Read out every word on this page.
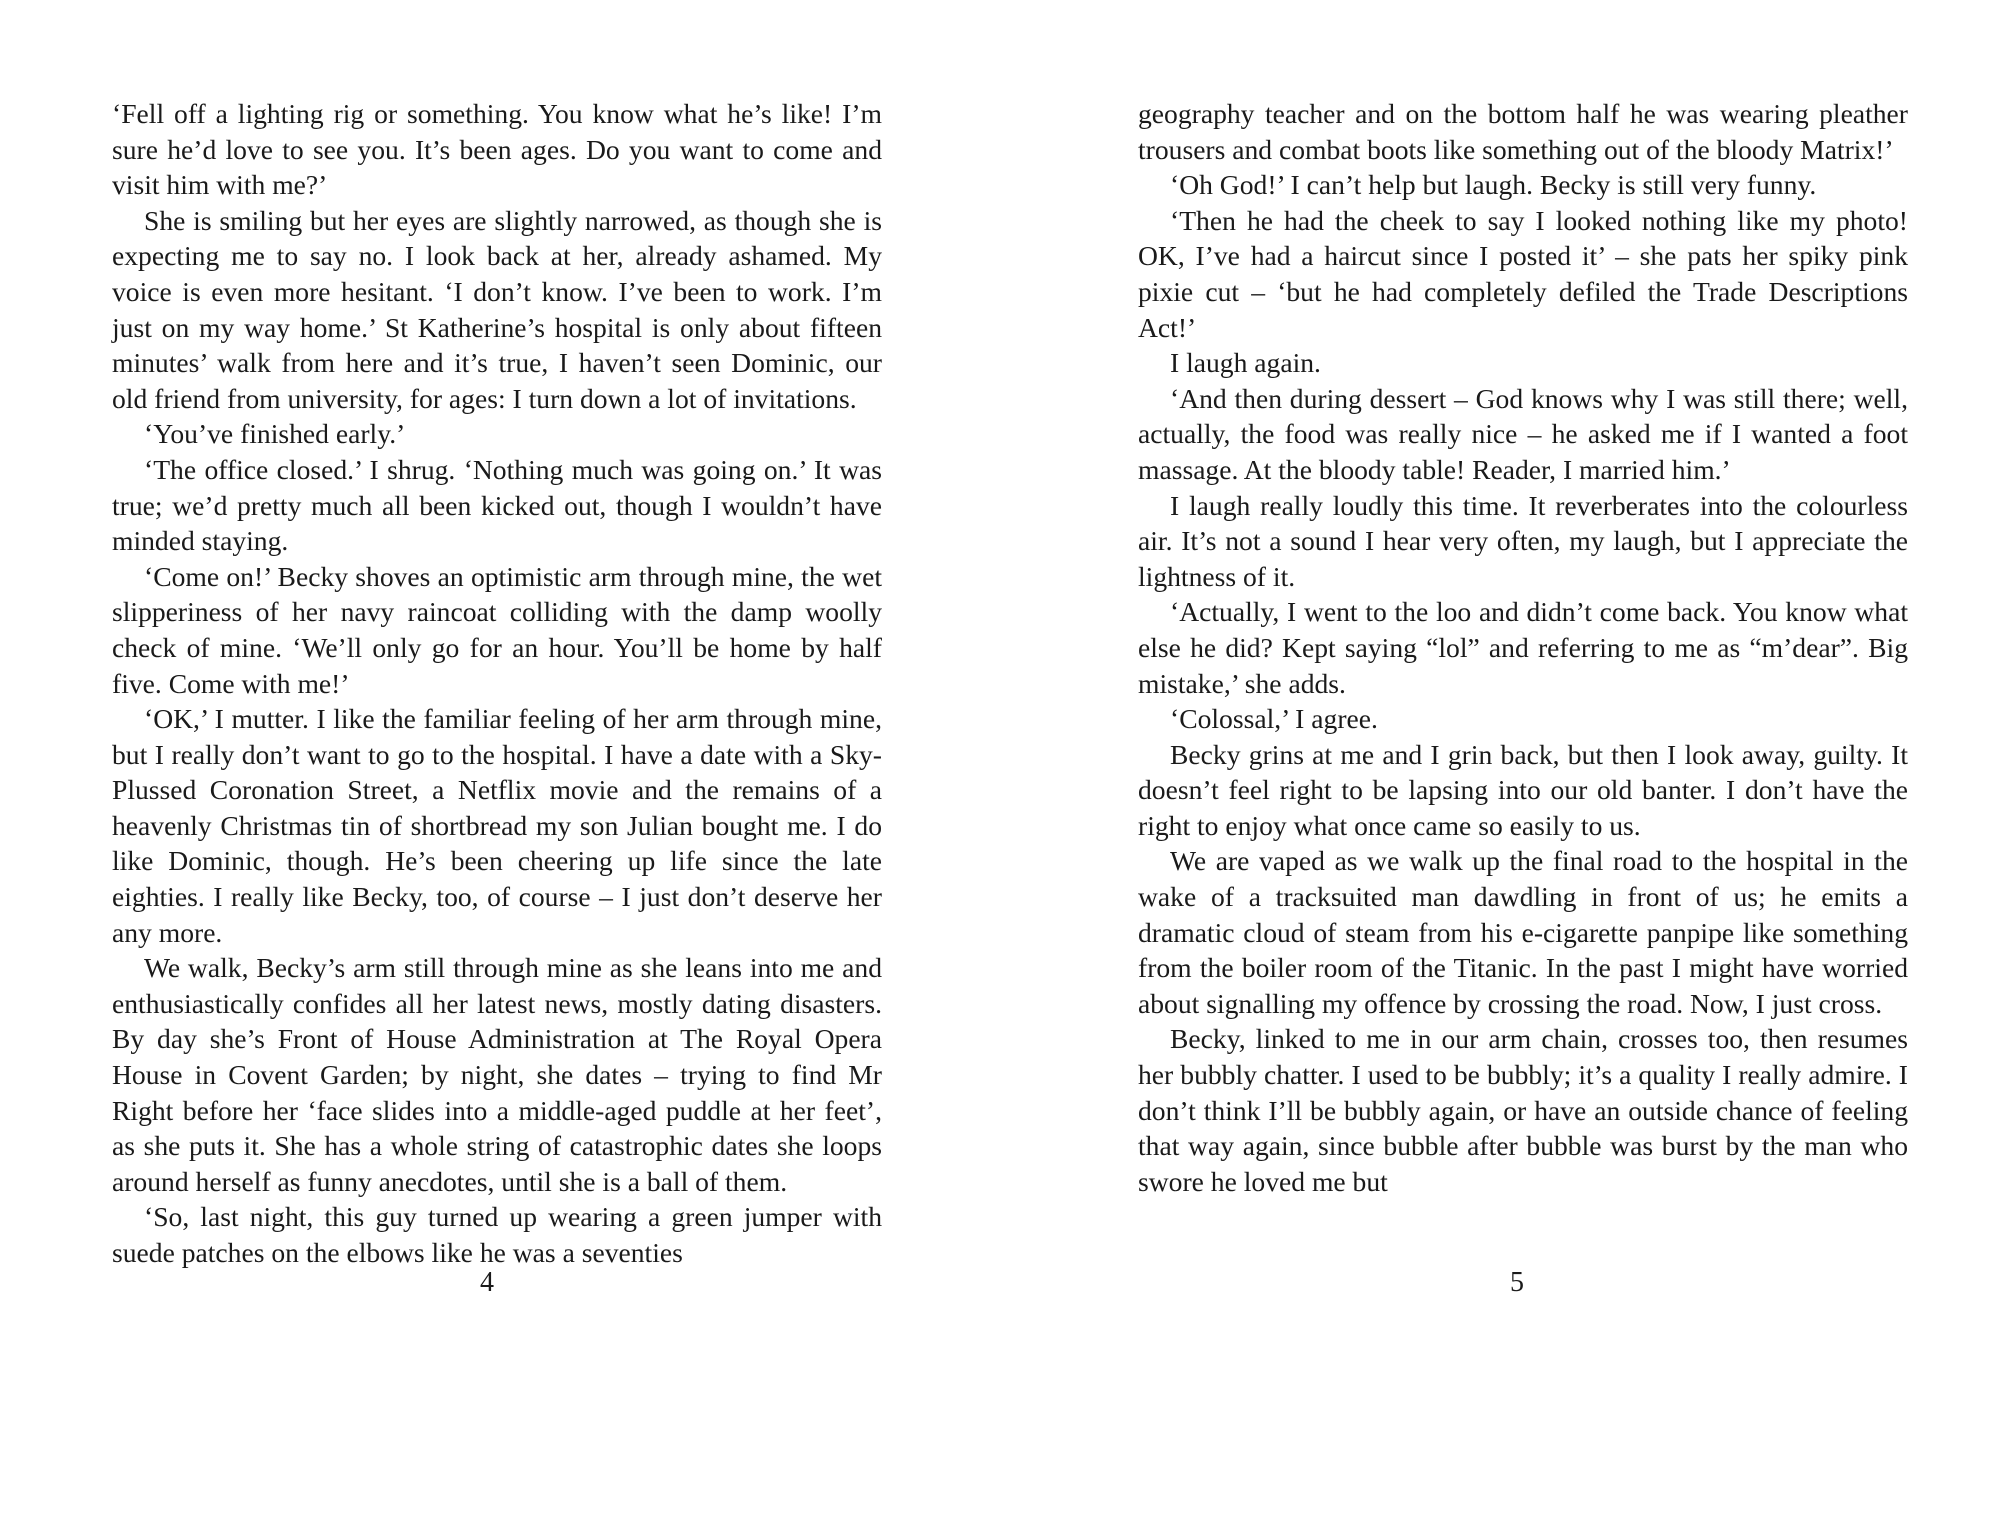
‘Fell off a lighting rig or something. You know what he’s like! I’m sure he’d love to see you. It’s been ages. Do you want to come and visit him with me?’

She is smiling but her eyes are slightly narrowed, as though she is expecting me to say no. I look back at her, already ashamed. My voice is even more hesitant. ‘I don’t know. I’ve been to work. I’m just on my way home.’ St Katherine’s hospital is only about fifteen minutes’ walk from here and it’s true, I haven’t seen Dominic, our old friend from university, for ages: I turn down a lot of invitations.

‘You’ve finished early.’

‘The office closed.’ I shrug. ‘Nothing much was going on.’ It was true; we’d pretty much all been kicked out, though I wouldn’t have minded staying.

‘Come on!’ Becky shoves an optimistic arm through mine, the wet slipperiness of her navy raincoat colliding with the damp woolly check of mine. ‘We’ll only go for an hour. You’ll be home by half five. Come with me!’

‘OK,’ I mutter. I like the familiar feeling of her arm through mine, but I really don’t want to go to the hospital. I have a date with a Sky-Plussed Coronation Street, a Netflix movie and the remains of a heavenly Christmas tin of shortbread my son Julian bought me. I do like Dominic, though. He’s been cheering up life since the late eighties. I really like Becky, too, of course – I just don’t deserve her any more.

We walk, Becky’s arm still through mine as she leans into me and enthusiastically confides all her latest news, mostly dating disasters. By day she’s Front of House Administration at The Royal Opera House in Covent Garden; by night, she dates – trying to find Mr Right before her ‘face slides into a middle-aged puddle at her feet’, as she puts it. She has a whole string of catastrophic dates she loops around herself as funny anecdotes, until she is a ball of them.

‘So, last night, this guy turned up wearing a green jumper with suede patches on the elbows like he was a seventies

4

geography teacher and on the bottom half he was wearing pleather trousers and combat boots like something out of the bloody Matrix!’

‘Oh God!’ I can’t help but laugh. Becky is still very funny.

‘Then he had the cheek to say I looked nothing like my photo! OK, I’ve had a haircut since I posted it’ – she pats her spiky pink pixie cut – ‘but he had completely defiled the Trade Descriptions Act!’

I laugh again.

‘And then during dessert – God knows why I was still there; well, actually, the food was really nice – he asked me if I wanted a foot massage. At the bloody table! Reader, I married him.’

I laugh really loudly this time. It reverberates into the colourless air. It’s not a sound I hear very often, my laugh, but I appreciate the lightness of it.

‘Actually, I went to the loo and didn’t come back. You know what else he did? Kept saying “lol” and referring to me as “m’dear”. Big mistake,’ she adds.

‘Colossal,’ I agree.

Becky grins at me and I grin back, but then I look away, guilty. It doesn’t feel right to be lapsing into our old banter. I don’t have the right to enjoy what once came so easily to us.

We are vaped as we walk up the final road to the hospital in the wake of a tracksuited man dawdling in front of us; he emits a dramatic cloud of steam from his e-cigarette panpipe like something from the boiler room of the Titanic. In the past I might have worried about signalling my offence by crossing the road. Now, I just cross.

Becky, linked to me in our arm chain, crosses too, then resumes her bubbly chatter. I used to be bubbly; it’s a quality I really admire. I don’t think I’ll be bubbly again, or have an outside chance of feeling that way again, since bubble after bubble was burst by the man who swore he loved me but

5
